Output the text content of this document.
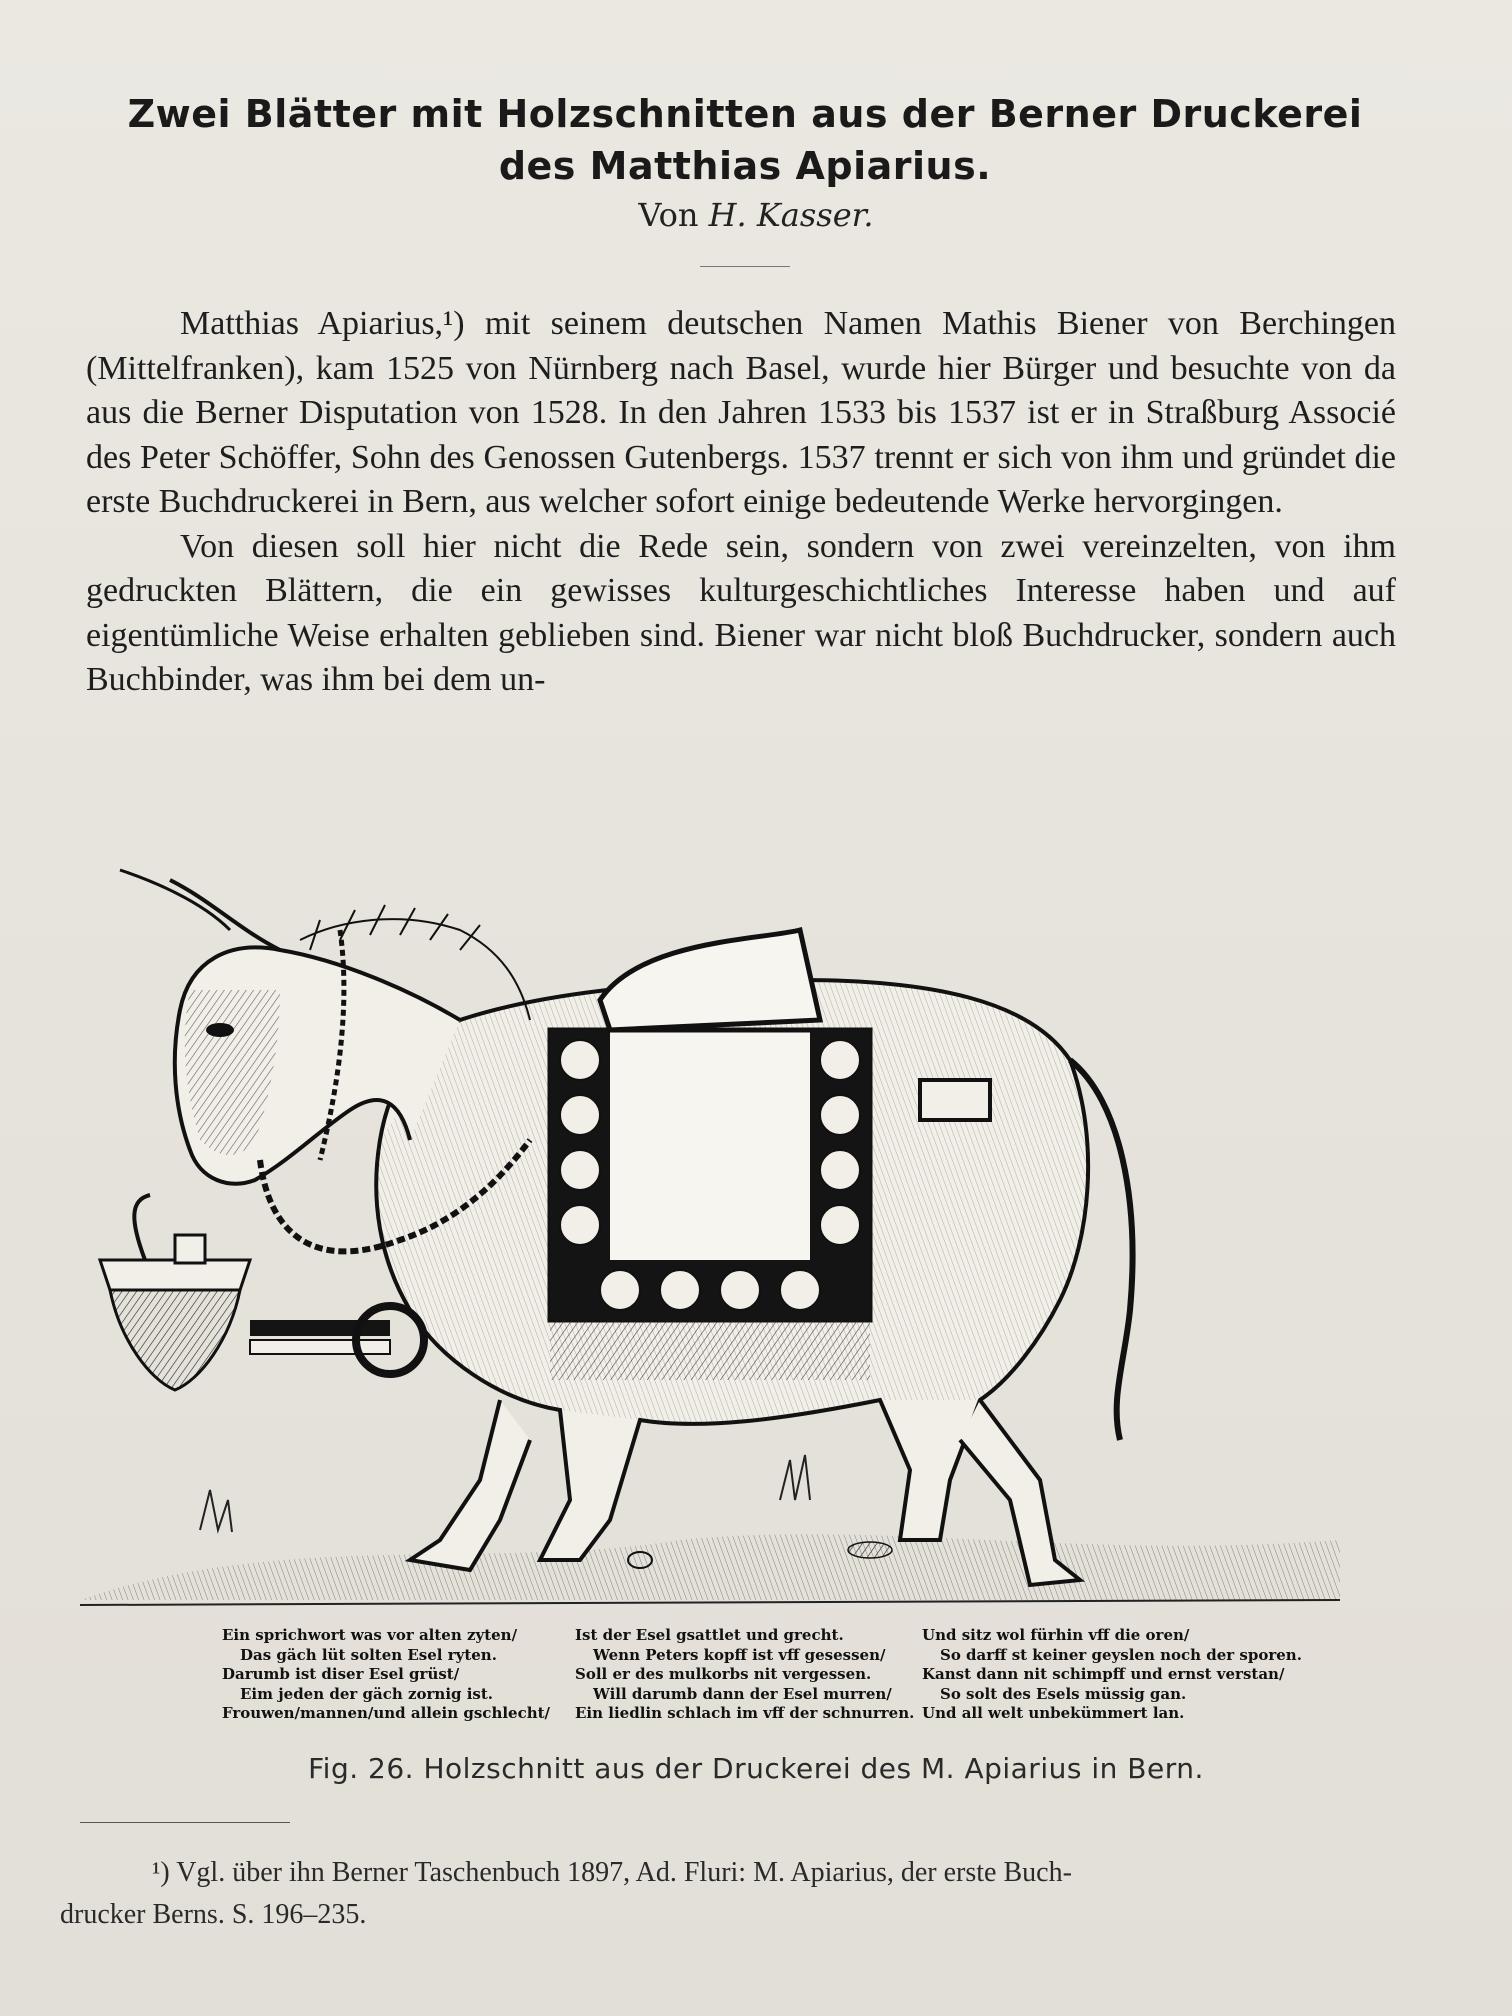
Zwei Blätter mit Holzschnitten aus der Berner Druckerei
des Matthias Apiarius.
Von H. Kasser.

Matthias Apiarius,¹) mit seinem deutschen Namen Mathis Biener von Berchingen (Mittelfranken), kam 1525 von Nürnberg nach Basel, wurde hier Bürger und besuchte von da aus die Berner Disputation von 1528. In den Jahren 1533 bis 1537 ist er in Straßburg Associé des Peter Schöffer, Sohn des Genossen Gutenbergs. 1537 trennt er sich von ihm und gründet die erste Buchdruckerei in Bern, aus welcher sofort einige bedeutende Werke hervorgingen.

Von diesen soll hier nicht die Rede sein, sondern von zwei vereinzelten, von ihm gedruckten Blättern, die ein gewisses kulturgeschichtliches Interesse haben und auf eigentümliche Weise erhalten geblieben sind. Biener war nicht bloß Buchdrucker, sondern auch Buchbinder, was ihm bei dem un-

Ein sprichwort was vor alten zyten/
Das gäch lüt solten Esel ryten.
Darumb ist diser Esel grüst/
Eim jeden der gäch zornig ist.
Frouwen/mannen/und allein gschlecht/
Ist der Esel gsattlet und grecht.
Wenn Peters kopff ist vff gesessen/
Soll er des mulkorbs nit vergessen.
Will darumb dann der Esel murren/
Ein liedlin schlach im vff der schnurren.
Und sitz wol fürhin vff die oren/
So darff st keiner geyslen noch der sporen.
Kanst dann nit schimpff und ernst verstan/
So solt des Esels müssig gan.
Und all welt unbekümmert lan.
Fig. 26. Holzschnitt aus der Druckerei des M. Apiarius in Bern.
¹) Vgl. über ihn Berner Taschenbuch 1897, Ad. Fluri: M. Apiarius, der erste Buch-
drucker Berns. S. 196–235.
